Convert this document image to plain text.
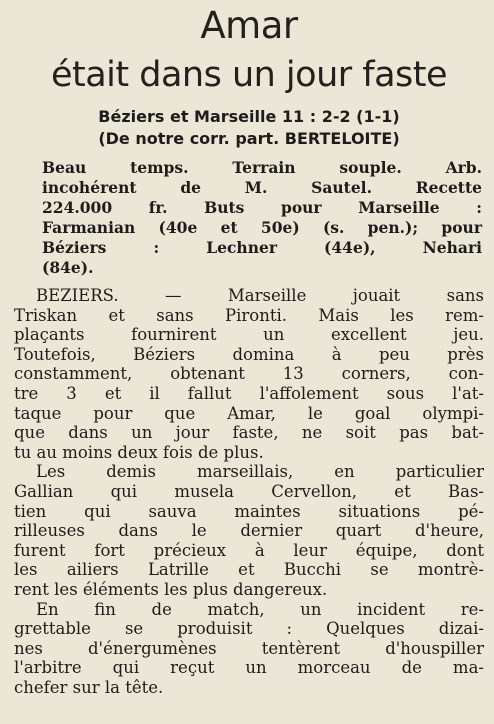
Amar
était dans un jour faste
Béziers et Marseille 11 : 2-2 (1-1)
(De notre corr. part. BERTELOITE)
Beau temps. Terrain souple. Arb.
incohérent de M. Sautel. Recette
224.000 fr. Buts pour Marseille :
Farmanian (40e et 50e) (s. pen.); pour
Béziers : Lechner (44e), Nehari
(84e).
BEZIERS. — Marseille jouait sans
Triskan et sans Pironti. Mais les rem-
plaçants fournirent un excellent jeu.
Toutefois, Béziers domina à peu près
constamment, obtenant 13 corners, con-
tre 3 et il fallut l'affolement sous l'at-
taque pour que Amar, le goal olympi-
que dans un jour faste, ne soit pas bat-
tu au moins deux fois de plus.
Les demis marseillais, en particulier
Gallian qui musela Cervellon, et Bas-
tien qui sauva maintes situations pé-
rilleuses dans le dernier quart d'heure,
furent fort précieux à leur équipe, dont
les ailiers Latrille et Bucchi se montrè-
rent les éléments les plus dangereux.
En fin de match, un incident re-
grettable se produisit : Quelques dizai-
nes d'énergumènes tentèrent d'houspiller
l'arbitre qui reçut un morceau de ma-
chefer sur la tête.
